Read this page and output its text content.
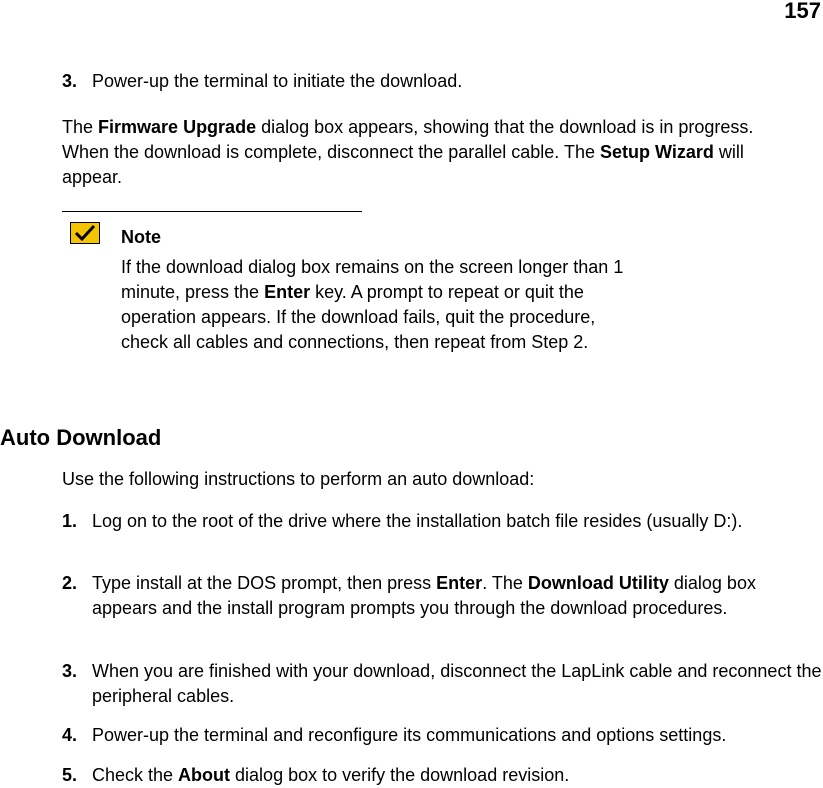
157
3. Power-up the terminal to initiate the download.
The Firmware Upgrade dialog box appears, showing that the download is in progress. When the download is complete, disconnect the parallel cable. The Setup Wizard will appear.
Note
If the download dialog box remains on the screen longer than 1 minute, press the Enter key. A prompt to repeat or quit the operation appears. If the download fails, quit the procedure, check all cables and connections, then repeat from Step 2.
Auto Download
Use the following instructions to perform an auto download:
1. Log on to the root of the drive where the installation batch file resides (usually D:).
2. Type install at the DOS prompt, then press Enter. The Download Utility dialog box appears and the install program prompts you through the download procedures.
3. When you are finished with your download, disconnect the LapLink cable and reconnect the peripheral cables.
4. Power-up the terminal and reconfigure its communications and options settings.
5. Check the About dialog box to verify the download revision.
